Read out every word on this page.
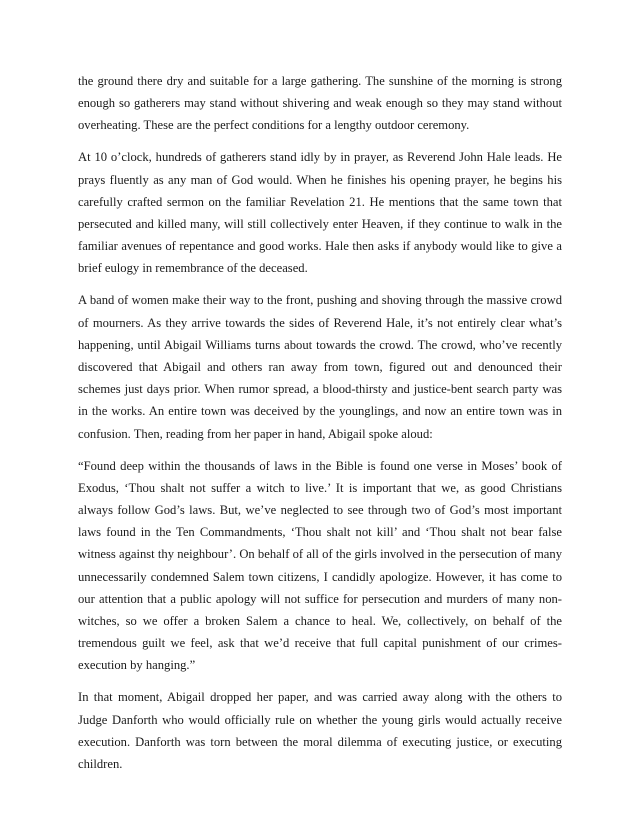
the ground there dry and suitable for a large gathering. The sunshine of the morning is strong enough so gatherers may stand without shivering and weak enough so they may stand without overheating. These are the perfect conditions for a lengthy outdoor ceremony.

At 10 o’clock, hundreds of gatherers stand idly by in prayer, as Reverend John Hale leads. He prays fluently as any man of God would. When he finishes his opening prayer, he begins his carefully crafted sermon on the familiar Revelation 21. He mentions that the same town that persecuted and killed many, will still collectively enter Heaven, if they continue to walk in the familiar avenues of repentance and good works. Hale then asks if anybody would like to give a brief eulogy in remembrance of the deceased.

A band of women make their way to the front, pushing and shoving through the massive crowd of mourners. As they arrive towards the sides of Reverend Hale, it’s not entirely clear what’s happening, until Abigail Williams turns about towards the crowd. The crowd, who’ve recently discovered that Abigail and others ran away from town, figured out and denounced their schemes just days prior. When rumor spread, a blood-thirsty and justice-bent search party was in the works. An entire town was deceived by the younglings, and now an entire town was in confusion. Then, reading from her paper in hand, Abigail spoke aloud:

“Found deep within the thousands of laws in the Bible is found one verse in Moses’ book of Exodus, ‘Thou shalt not suffer a witch to live.’ It is important that we, as good Christians always follow God’s laws. But, we’ve neglected to see through two of God’s most important laws found in the Ten Commandments, ‘Thou shalt not kill’ and ‘Thou shalt not bear false witness against thy neighbour’. On behalf of all of the girls involved in the persecution of many unnecessarily condemned Salem town citizens, I candidly apologize. However, it has come to our attention that a public apology will not suffice for persecution and murders of many non-witches, so we offer a broken Salem a chance to heal. We, collectively, on behalf of the tremendous guilt we feel, ask that we’d receive that full capital punishment of our crimes- execution by hanging.”

In that moment, Abigail dropped her paper, and was carried away along with the others to Judge Danforth who would officially rule on whether the young girls would actually receive execution. Danforth was torn between the moral dilemma of executing justice, or executing children.
